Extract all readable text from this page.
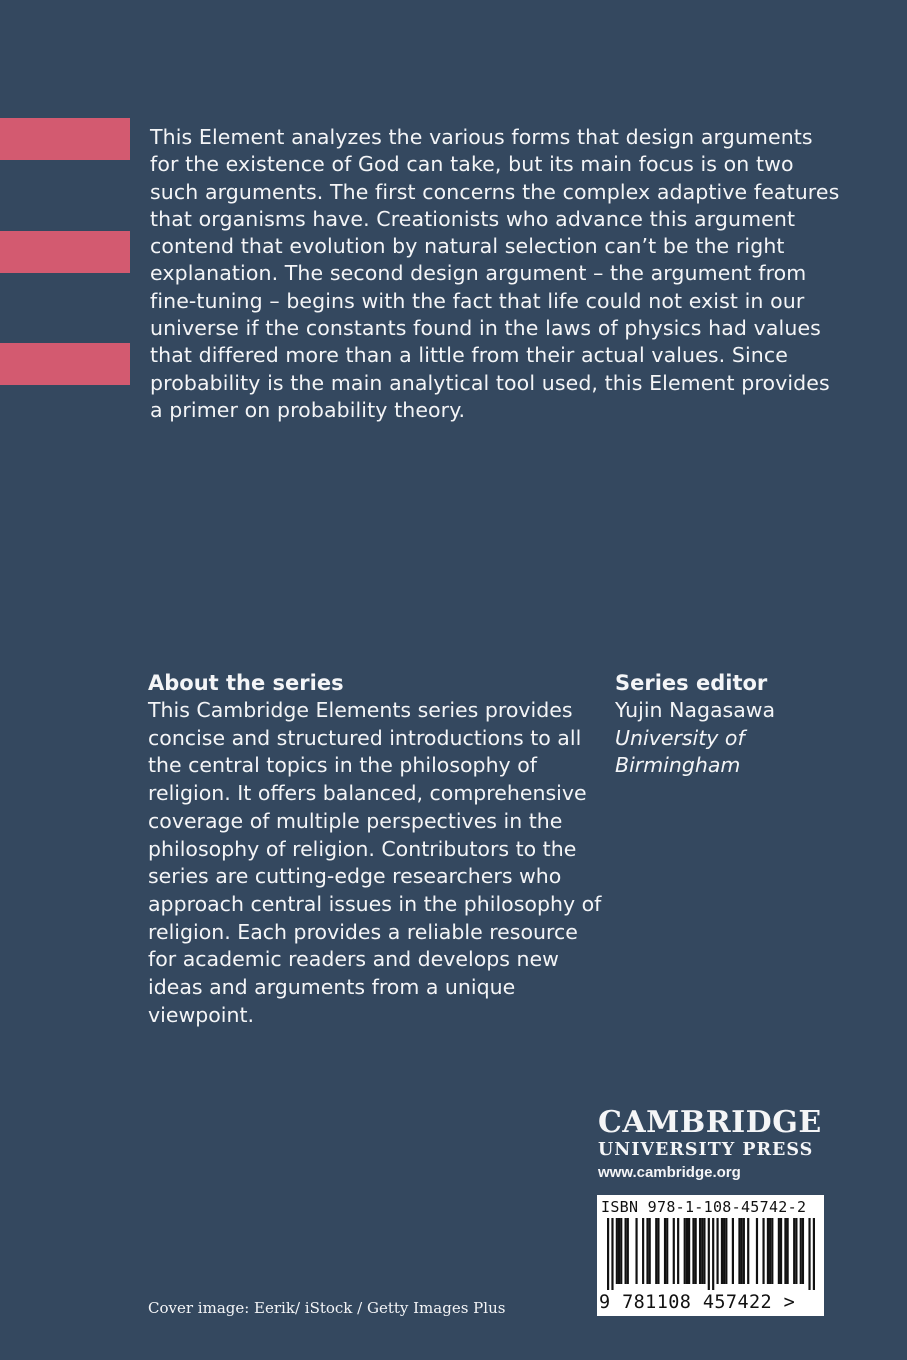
This Element analyzes the various forms that design arguments for the existence of God can take, but its main focus is on two such arguments. The first concerns the complex adaptive features that organisms have. Creationists who advance this argument contend that evolution by natural selection can’t be the right explanation. The second design argument – the argument from fine-tuning – begins with the fact that life could not exist in our universe if the constants found in the laws of physics had values that differed more than a little from their actual values. Since probability is the main analytical tool used, this Element provides a primer on probability theory.

About the series

This Cambridge Elements series provides concise and structured introductions to all the central topics in the philosophy of religion. It offers balanced, comprehensive coverage of multiple perspectives in the philosophy of religion. Contributors to the series are cutting-edge researchers who approach central issues in the philosophy of religion. Each provides a reliable resource for academic readers and develops new ideas and arguments from a unique viewpoint.

Series editor

Yujin Nagasawa

University of Birmingham

CAMBRIDGE
UNIVERSITY PRESS
www.cambridge.org
ISBN 978-1-108-45742-2
9 781108 457422 >
Cover image: Eerik/ iStock / Getty Images Plus
